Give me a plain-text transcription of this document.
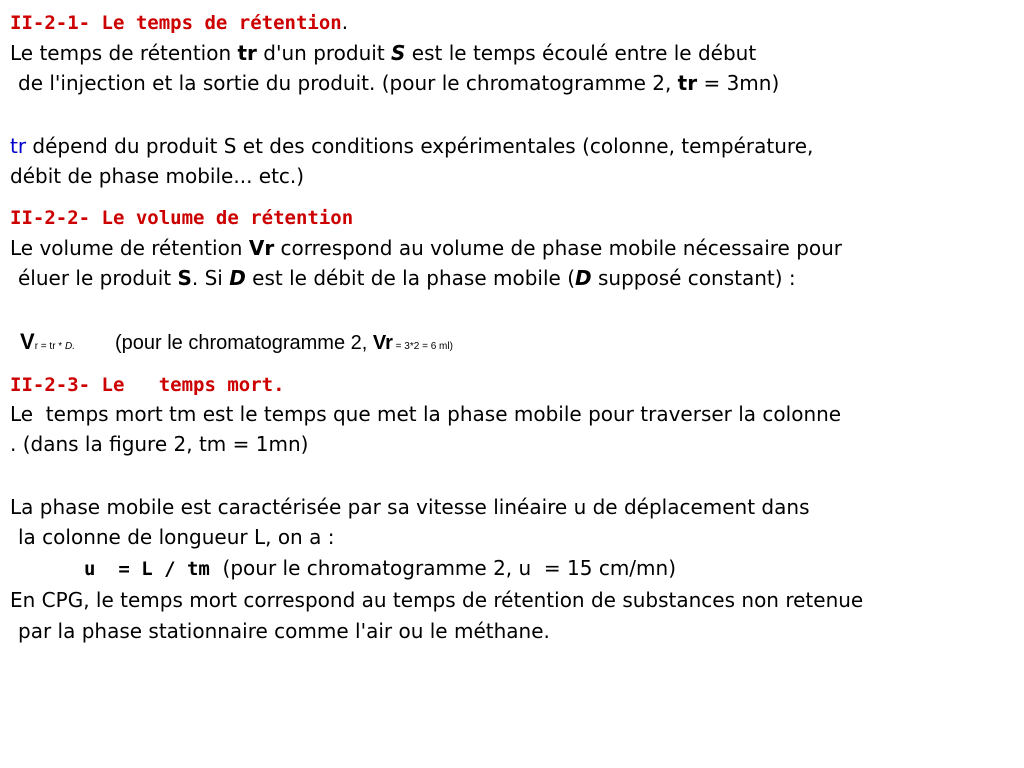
II-2-1- Le temps de rétention.
Le temps de rétention tr d'un produit S est le temps écoulé entre le début
de l'injection et la sortie du produit. (pour le chromatogramme 2, tr = 3mn)
tr dépend du produit S et des conditions expérimentales (colonne, température,
débit de phase mobile... etc.)
II-2-2- Le volume de rétention
Le volume de rétention Vr correspond au volume de phase mobile nécessaire pour
éluer le produit S. Si D est le débit de la phase mobile (D supposé constant) :
Vr = tr * D. (pour le chromatogramme 2, Vr = 3*2 = 6 ml)
II-2-3- Le   temps mort.
Le  temps mort tm est le temps que met la phase mobile pour traverser la colonne
. (dans la figure 2, tm = 1mn)
La phase mobile est caractérisée par sa vitesse linéaire u de déplacement dans
la colonne de longueur L, on a :
u  = L / tm  (pour le chromatogramme 2, u  = 15 cm/mn)
En CPG, le temps mort correspond au temps de rétention de substances non retenue
par la phase stationnaire comme l'air ou le méthane.
